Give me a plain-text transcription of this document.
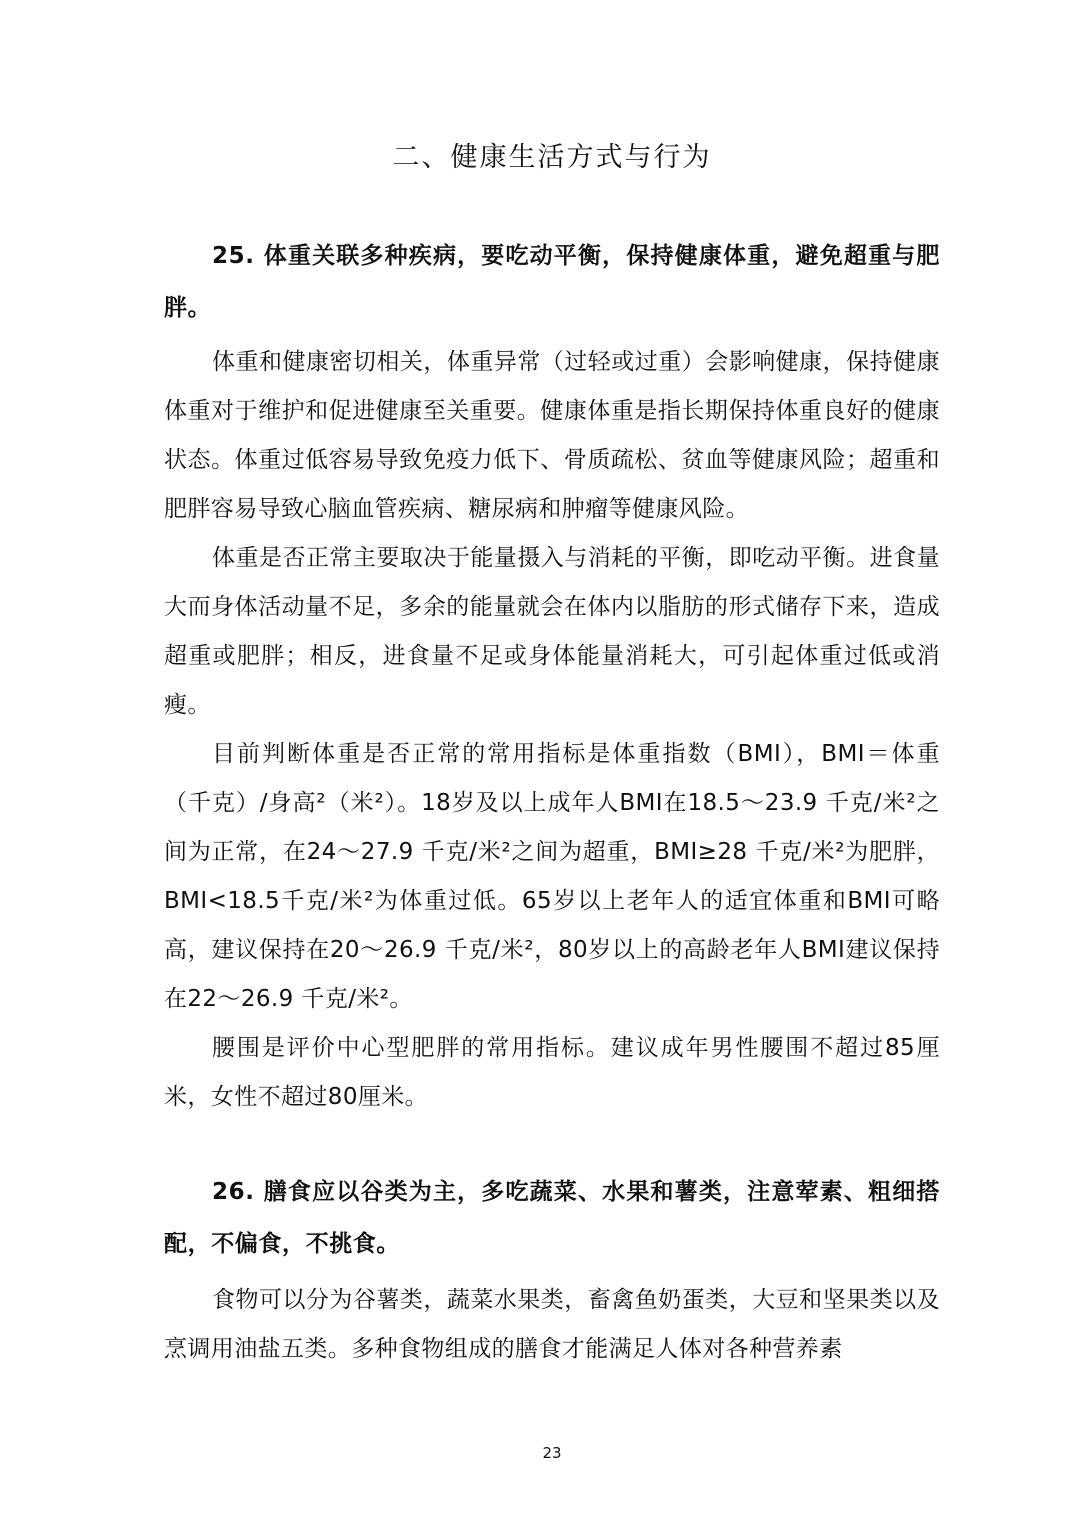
二、健康生活方式与行为

25. 体重关联多种疾病，要吃动平衡，保持健康体重，避免超重与肥胖。

体重和健康密切相关，体重异常（过轻或过重）会影响健康，保持健康体重对于维护和促进健康至关重要。健康体重是指长期保持体重良好的健康状态。体重过低容易导致免疫力低下、骨质疏松、贫血等健康风险；超重和肥胖容易导致心脑血管疾病、糖尿病和肿瘤等健康风险。

体重是否正常主要取决于能量摄入与消耗的平衡，即吃动平衡。进食量大而身体活动量不足，多余的能量就会在体内以脂肪的形式储存下来，造成超重或肥胖；相反，进食量不足或身体能量消耗大，可引起体重过低或消瘦。

目前判断体重是否正常的常用指标是体重指数（BMI），BMI＝体重（千克）/身高²（米²）。18岁及以上成年人BMI在18.5～23.9 千克/米²之间为正常，在24～27.9 千克/米²之间为超重，BMI≥28 千克/米²为肥胖，BMI<18.5千克/米²为体重过低。65岁以上老年人的适宜体重和BMI可略高，建议保持在20～26.9 千克/米²，80岁以上的高龄老年人BMI建议保持在22～26.9 千克/米²。

腰围是评价中心型肥胖的常用指标。建议成年男性腰围不超过85厘米，女性不超过80厘米。

26. 膳食应以谷类为主，多吃蔬菜、水果和薯类，注意荤素、粗细搭配，不偏食，不挑食。

食物可以分为谷薯类，蔬菜水果类，畜禽鱼奶蛋类，大豆和坚果类以及烹调用油盐五类。多种食物组成的膳食才能满足人体对各种营养素

23
